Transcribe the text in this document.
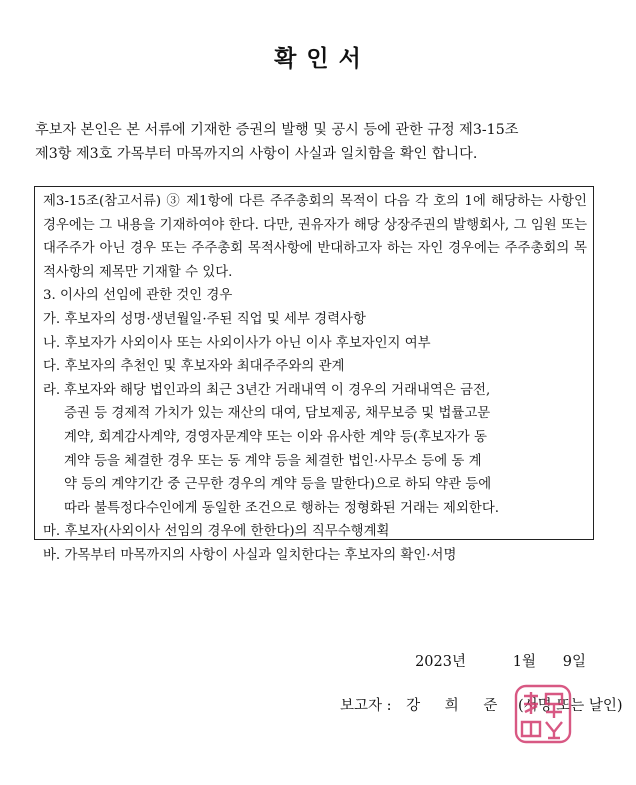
확 인 서
후보자 본인은 본 서류에 기재한 증권의 발행 및 공시 등에 관한 규정 제3-15조
제3항 제3호 가목부터 마목까지의 사항이 사실과 일치함을 확인 합니다.

제3-15조(참고서류) ③ 제1항에 다른 주주총회의 목적이 다음 각 호의 1에 해당하는 사항인 경우에는 그 내용을 기재하여야 한다. 다만, 권유자가 해당 상장주권의 발행회사, 그 임원 또는 대주주가 아닌 경우 또는 주주총회 목적사항에 반대하고자 하는 자인 경우에는 주주총회의 목적사항의 제목만 기재할 수 있다.

3. 이사의 선임에 관한 것인 경우

가. 후보자의 성명·생년월일·주된 직업 및 세부 경력사항

나. 후보자가 사외이사 또는 사외이사가 아닌 이사 후보자인지 여부

다. 후보자의 추천인 및 후보자와 최대주주와의 관계

라. 후보자와 해당 법인과의 최근 3년간 거래내역 이 경우의 거래내역은 금전,
증권 등 경제적 가치가 있는 재산의 대여, 담보제공, 채무보증 및 법률고문
계약, 회계감사계약, 경영자문계약 또는 이와 유사한 계약 등(후보자가 동
계약 등을 체결한 경우 또는 동 계약 등을 체결한 법인·사무소 등에 동 계
약 등의 계약기간 중 근무한 경우의 계약 등을 말한다)으로 하되 약관 등에
따라 불특정다수인에게 동일한 조건으로 행하는 정형화된 거래는 제외한다.

마. 후보자(사외이사 선임의 경우에 한한다)의 직무수행계획

바. 가목부터 마목까지의 사항이 사실과 일치한다는 후보자의 확인·서명

2023년	1월	9일
보고자 : 강 희 준 (서명 또는 날인)
